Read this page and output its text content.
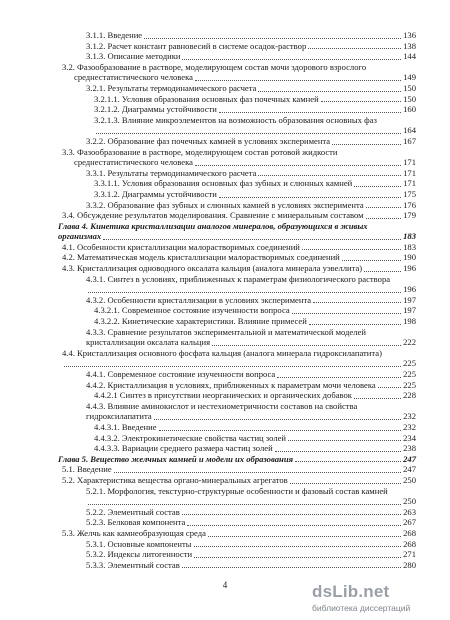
3.1.1. Введение	136
3.1.2. Расчет констант равновесий в системе осадок-раствор	138
3.1.3. Описание методики	144
3.2. Фазообразование в растворе, моделирующем состав мочи здорового взрослого
среднестатистического человека	149
3.2.1. Результаты термодинамического расчета	150
3.2.1.1. Условия образования основных фаз почечных камней	150
3.2.1.2. Диаграммы устойчивости	160
3.2.1.3. Влияние микроэлементов на возможность образования основных фаз
164
3.2.2. Образование фаз почечных камней в условиях эксперимента	167
3.3. Фазообразование в растворе, моделирующем состав ротовой жидкости
среднестатистического человека	171
3.3.1. Результаты термодинамического расчета	171
3.3.1.1. Условия образования основных фаз зубных и слюнных камней	171
3.3.1.2. Диаграммы устойчивости	175
3.3.2. Образование фаз зубных и слюнных камней в условиях эксперимента	176
3.4. Обсуждение результатов моделирования. Сравнение с минеральным составом	179
Глава 4. Кинетика кристаллизации аналогов минералов, образующихся в живых
организмах	183
4.1. Особенности кристаллизации малорастворимых соединений	183
4.2. Математическая модель кристаллизации малорастворимых соединений	190
4.3. Кристаллизация одноводного оксалата кальция (аналога минерала уэвеллита)	196
4.3.1. Синтез в условиях, приближенных к параметрам физиологического раствора
196
4.3.2. Особенности кристаллизации в условиях эксперимента	197
4.3.2.1. Современное состояние изученности вопроса	197
4.3.2.2. Кинетические характеристики. Влияние примесей	198
4.3.3. Сравнение результатов экспериментальной и математической моделей
кристаллизации оксалата кальция	222
4.4. Кристаллизация основного фосфата кальция (аналога минерала гидроксилапатита)
225
4.4.1. Современное состояние изученности вопроса	225
4.4.2. Кристаллизация в условиях, приближенных к параметрам мочи человека	225
4.4.2.1 Синтез в присутствии неорганических и органических добавок	228
4.4.3. Влияние аминокислот и нестехиометричности составов на свойства
гидроксилапатита	232
4.4.3.1. Введение	232
4.4.3.2. Электрокинетические свойства частиц золей	234
4.4.3.3. Вариации среднего размера частиц золей	238
Глава 5. Вещество желчных камней и модели их образования	247
5.1. Введение	247
5.2. Характеристика вещества органо-минеральных агрегатов	250
5.2.1. Морфология, текстурно-структурные особенности и фазовый состав камней
250
5.2.2. Элементный состав	263
5.2.3. Белковая компонента	267
5.3. Желчь как камнеобразующая среда	268
5.3.1. Основные компоненты	268
5.3.2. Индексы литогенности	271
5.3.3. Элементный состав	280
4	dsLib.net
библиотека диссертаций
